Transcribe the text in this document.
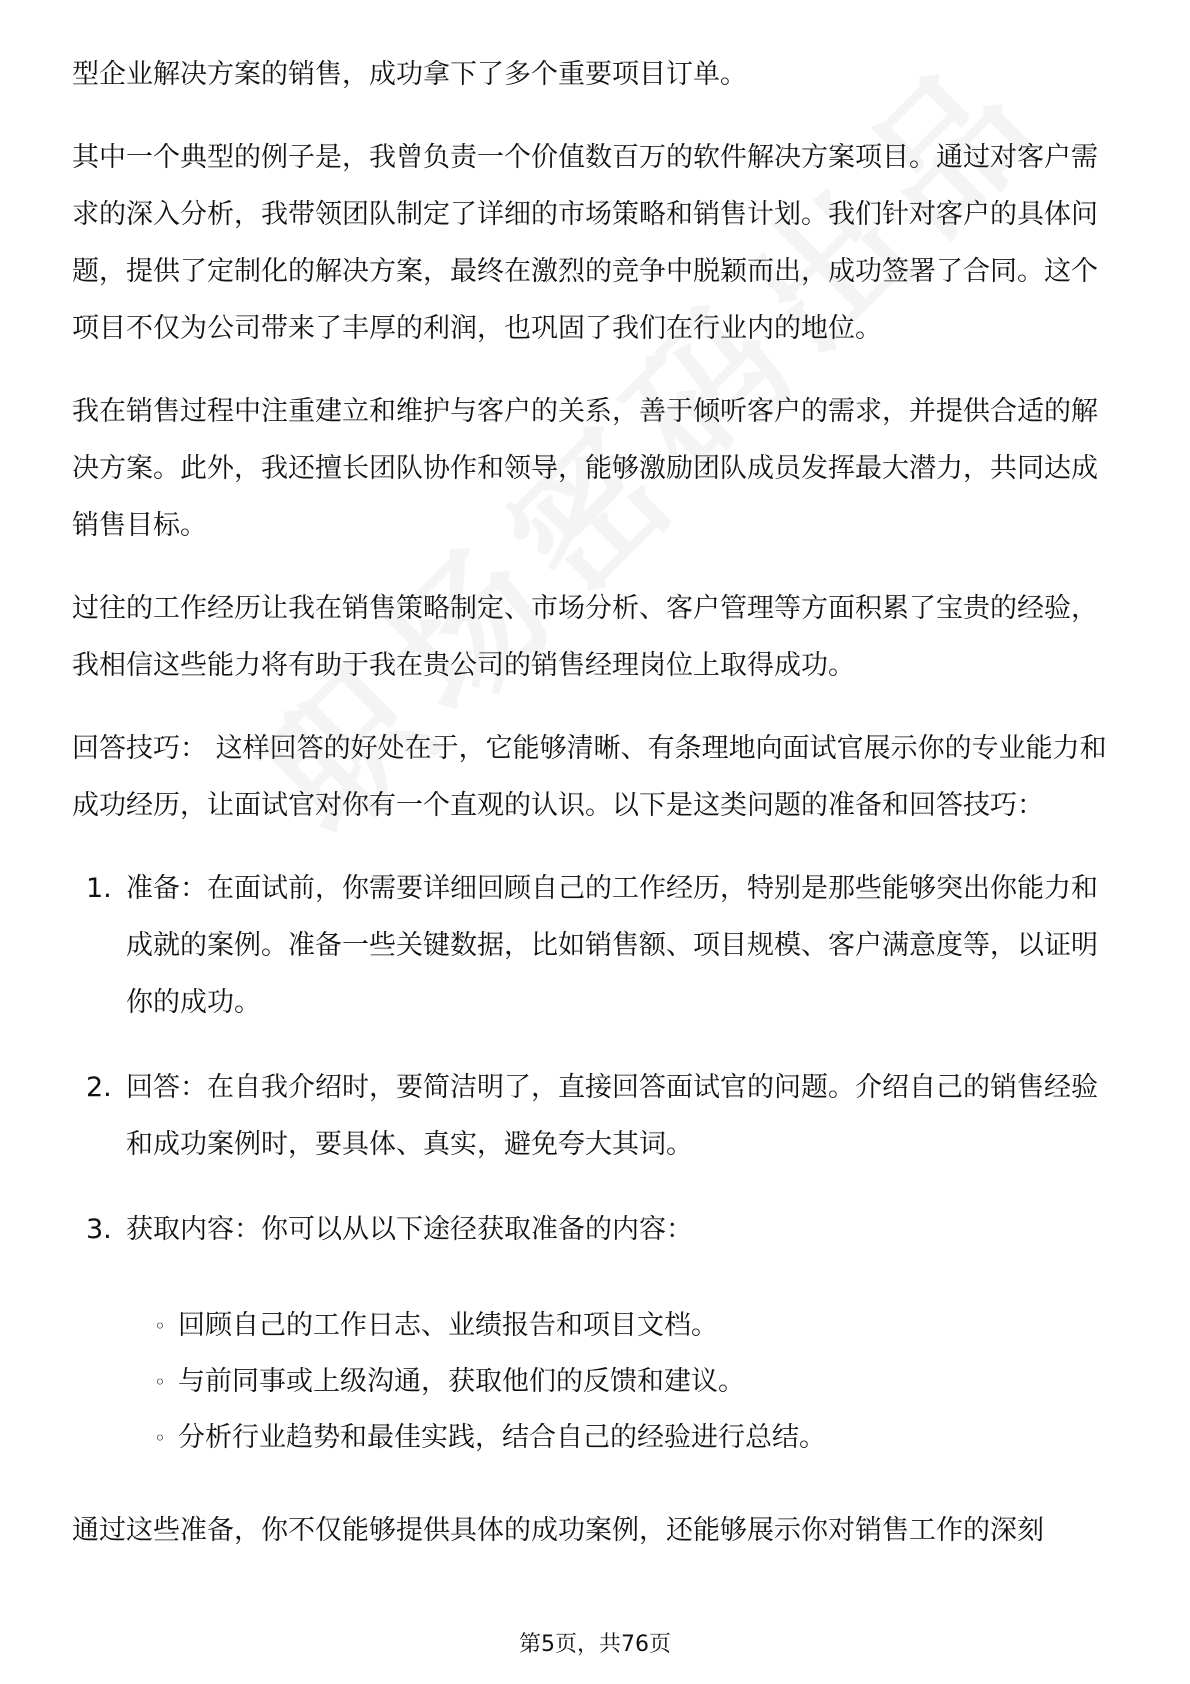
型企业解决方案的销售，成功拿下了多个重要项目订单。

其中一个典型的例子是，我曾负责一个价值数百万的软件解决方案项目。通过对客户需求的深入分析，我带领团队制定了详细的市场策略和销售计划。我们针对客户的具体问题，提供了定制化的解决方案，最终在激烈的竞争中脱颖而出，成功签署了合同。这个项目不仅为公司带来了丰厚的利润，也巩固了我们在行业内的地位。

我在销售过程中注重建立和维护与客户的关系，善于倾听客户的需求，并提供合适的解决方案。此外，我还擅长团队协作和领导，能够激励团队成员发挥最大潜力，共同达成销售目标。

过往的工作经历让我在销售策略制定、市场分析、客户管理等方面积累了宝贵的经验，我相信这些能力将有助于我在贵公司的销售经理岗位上取得成功。

回答技巧： 这样回答的好处在于，它能够清晰、有条理地向面试官展示你的专业能力和成功经历，让面试官对你有一个直观的认识。以下是这类问题的准备和回答技巧：

1. 准备：在面试前，你需要详细回顾自己的工作经历，特别是那些能够突出你能力和成就的案例。准备一些关键数据，比如销售额、项目规模、客户满意度等，以证明你的成功。
2. 回答：在自我介绍时，要简洁明了，直接回答面试官的问题。介绍自己的销售经验和成功案例时，要具体、真实，避免夸大其词。
3. 获取内容：你可以从以下途径获取准备的内容：
◦ 回顾自己的工作日志、业绩报告和项目文档。
◦ 与前同事或上级沟通，获取他们的反馈和建议。
◦ 分析行业趋势和最佳实践，结合自己的经验进行总结。

通过这些准备，你不仅能够提供具体的成功案例，还能够展示你对销售工作的深刻

第5页，共76页
